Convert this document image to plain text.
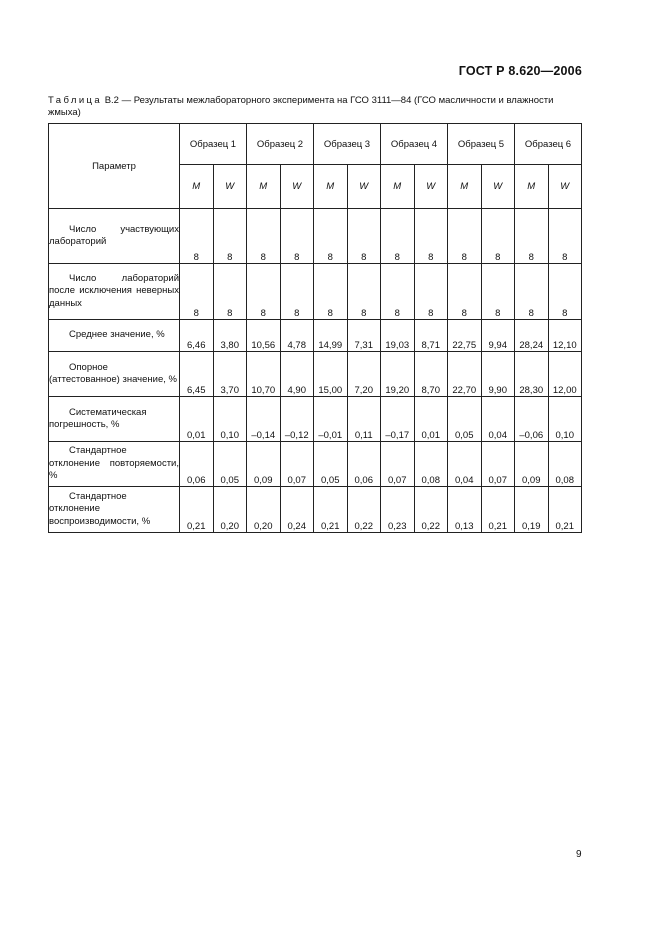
ГОСТ Р 8.620—2006
Таблица В.2 — Результаты межлабораторного эксперимента на ГСО 3111—84 (ГСО масличности и влажности жмыха)
Параметр	Образец 1		Образец 2		Образец 3		Образец 4		Образец 5		Образец 6	
	M	W	M	W	M	W	M	W	M	W	M	W
Число участвующих лабораторий	8	8	8	8	8	8	8	8	8	8	8	8
Число лабораторий после исключения неверных данных	8	8	8	8	8	8	8	8	8	8	8	8
Среднее значение, %	6,46	3,80	10,56	4,78	14,99	7,31	19,03	8,71	22,75	9,94	28,24	12,10
Опорное (аттестованное) значение, %	6,45	3,70	10,70	4,90	15,00	7,20	19,20	8,70	22,70	9,90	28,30	12,00
Систематическая погрешность, %	0,01	0,10	–0,14	–0,12	–0,01	0,11	–0,17	0,01	0,05	0,04	–0,06	0,10
Стандартное отклонение повторяемости, %	0,06	0,05	0,09	0,07	0,05	0,06	0,07	0,08	0,04	0,07	0,09	0,08
Стандартное отклонение воспроизводимости, %	0,21	0,20	0,20	0,24	0,21	0,22	0,23	0,22	0,13	0,21	0,19	0,21
9
